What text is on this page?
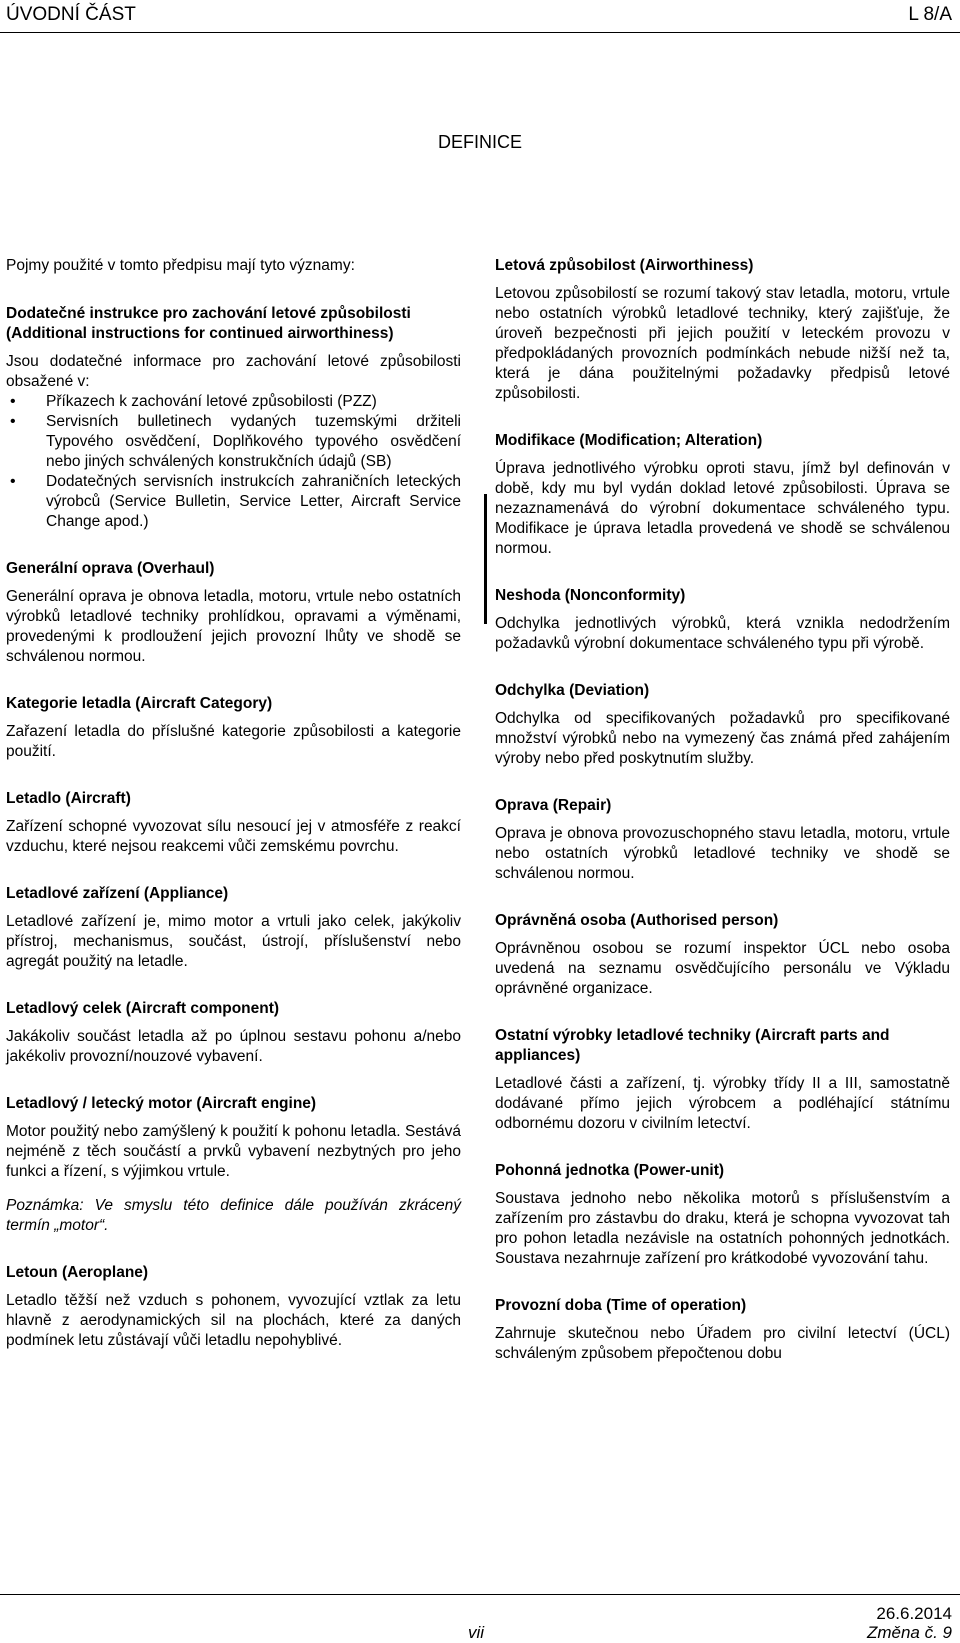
ÚVODNÍ ČÁST	L 8/A
DEFINICE

Pojmy použité v tomto předpisu mají tyto významy:

Dodatečné instrukce pro zachování letové způsobilosti (Additional instructions for continued airworthiness)

Jsou dodatečné informace pro zachování letové způsobilosti obsažené v:

• Příkazech k zachování letové způsobilosti (PZZ)
• Servisních bulletinech vydaných tuzemskými držiteli Typového osvědčení, Doplňkového typového osvědčení nebo jiných schválených konstrukčních údajů (SB)
• Dodatečných servisních instrukcích zahraničních leteckých výrobců (Service Bulletin, Service Letter, Aircraft Service Change apod.)

Generální oprava (Overhaul)

Generální oprava je obnova letadla, motoru, vrtule nebo ostatních výrobků letadlové techniky prohlídkou, opravami a výměnami, provedenými k prodloužení jejich provozní lhůty ve shodě se schválenou normou.

Kategorie letadla (Aircraft Category)

Zařazení letadla do příslušné kategorie způsobilosti a kategorie použití.

Letadlo (Aircraft)

Zařízení schopné vyvozovat sílu nesoucí jej v atmosféře z reakcí vzduchu, které nejsou reakcemi vůči zemskému povrchu.

Letadlové zařízení (Appliance)

Letadlové zařízení je, mimo motor a vrtuli jako celek, jakýkoliv přístroj, mechanismus, součást, ústrojí, příslušenství nebo agregát použitý na letadle.

Letadlový celek (Aircraft component)

Jakákoliv součást letadla až po úplnou sestavu pohonu a/nebo jakékoliv provozní/nouzové vybavení.

Letadlový / letecký motor (Aircraft engine)

Motor použitý nebo zamýšlený k použití k pohonu letadla. Sestává nejméně z těch součástí a prvků vybavení nezbytných pro jeho funkci a řízení, s výjimkou vrtule.

Poznámka: Ve smyslu této definice dále používán zkrácený termín „motor“.

Letoun (Aeroplane)

Letadlo těžší než vzduch s pohonem, vyvozující vztlak za letu hlavně z aerodynamických sil na plochách, které za daných podmínek letu zůstávají vůči letadlu nepohyblivé.

Letová způsobilost (Airworthiness)

Letovou způsobilostí se rozumí takový stav letadla, motoru, vrtule nebo ostatních výrobků letadlové techniky, který zajišťuje, že úroveň bezpečnosti při jejich použití v leteckém provozu v předpokládaných provozních podmínkách nebude nižší než ta, která je dána použitelnými požadavky předpisů letové způsobilosti.

Modifikace (Modification; Alteration)

Úprava jednotlivého výrobku oproti stavu, jímž byl definován v době, kdy mu byl vydán doklad letové způsobilosti. Úprava se nezaznamenává do výrobní dokumentace schváleného typu. Modifikace je úprava letadla provedená ve shodě se schválenou normou.

Neshoda (Nonconformity)

Odchylka jednotlivých výrobků, která vznikla nedodržením požadavků výrobní dokumentace schváleného typu při výrobě.

Odchylka (Deviation)

Odchylka od specifikovaných požadavků pro specifikované množství výrobků nebo na vymezený čas známá před zahájením výroby nebo před poskytnutím služby.

Oprava (Repair)

Oprava je obnova provozuschopného stavu letadla, motoru, vrtule nebo ostatních výrobků letadlové techniky ve shodě se schválenou normou.

Oprávněná osoba (Authorised person)

Oprávněnou osobou se rozumí inspektor ÚCL nebo osoba uvedená na seznamu osvědčujícího personálu ve Výkladu oprávněné organizace.

Ostatní výrobky letadlové techniky (Aircraft parts and appliances)

Letadlové části a zařízení, tj. výrobky třídy II a III, samostatně dodávané přímo jejich výrobcem a podléhající státnímu odbornému dozoru v civilním letectví.

Pohonná jednotka (Power-unit)

Soustava jednoho nebo několika motorů s příslušenstvím a zařízením pro zástavbu do draku, která je schopna vyvozovat tah pro pohon letadla nezávisle na ostatních pohonných jednotkách. Soustava nezahrnuje zařízení pro krátkodobé vyvozování tahu.

Provozní doba (Time of operation)

Zahrnuje skutečnou nebo Úřadem pro civilní letectví (ÚCL) schváleným způsobem přepočtenou dobu

26.6.2014
vii	Změna č. 9
